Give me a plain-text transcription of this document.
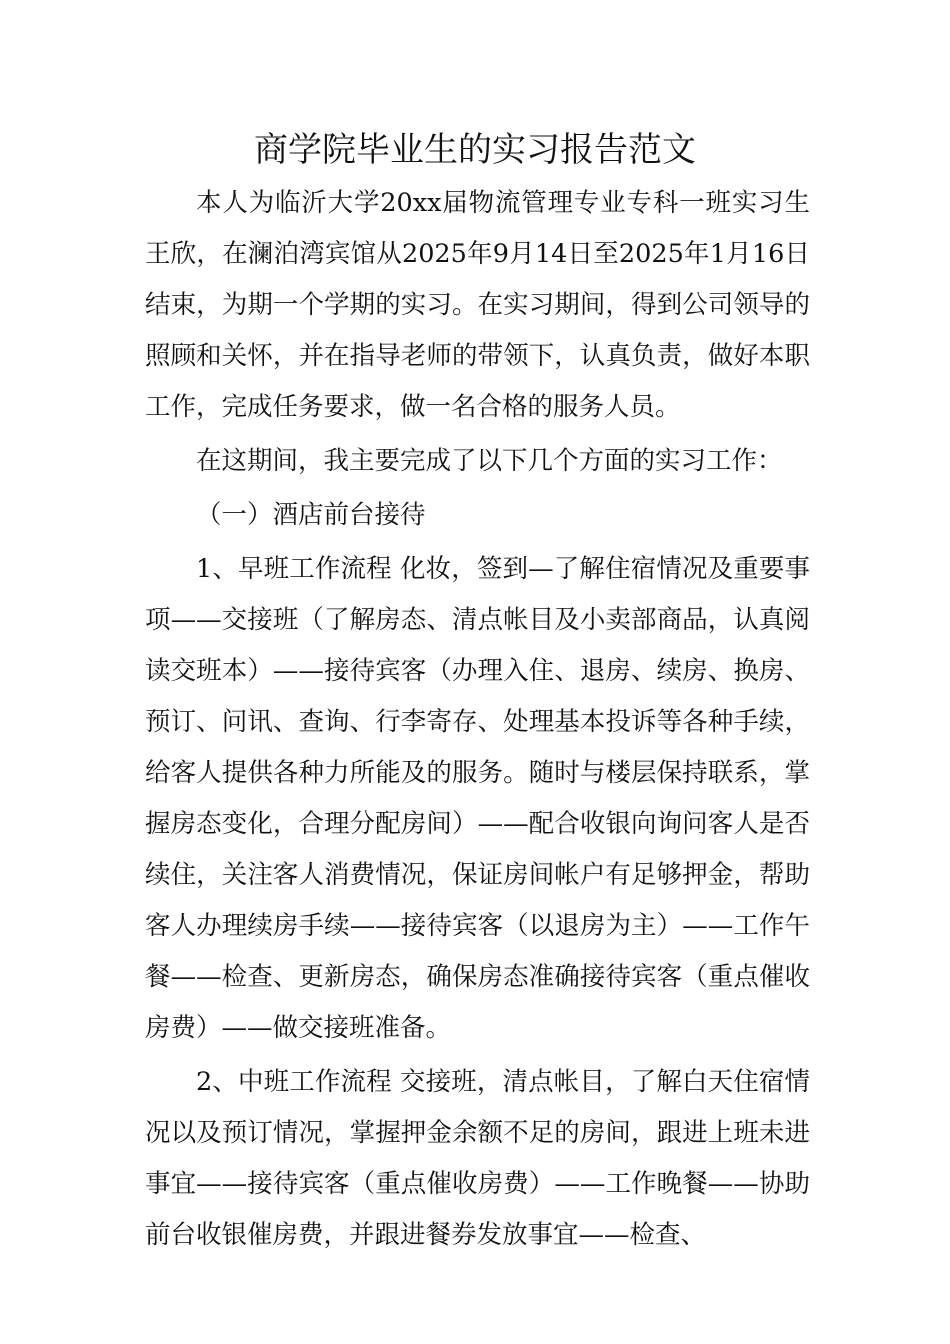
商学院毕业生的实习报告范文

本人为临沂大学20xx届物流管理专业专科一班实习生王欣，在澜泊湾宾馆从2025年9月14日至2025年1月16日结束，为期一个学期的实习。在实习期间，得到公司领导的照顾和关怀，并在指导老师的带领下，认真负责，做好本职工作，完成任务要求，做一名合格的服务人员。

在这期间，我主要完成了以下几个方面的实习工作：

（一）酒店前台接待

1、早班工作流程 化妆，签到—了解住宿情况及重要事项——交接班（了解房态、清点帐目及小卖部商品，认真阅读交班本）——接待宾客（办理入住、退房、续房、换房、预订、问讯、查询、行李寄存、处理基本投诉等各种手续，给客人提供各种力所能及的服务。随时与楼层保持联系，掌握房态变化，合理分配房间）——配合收银向询问客人是否续住，关注客人消费情况，保证房间帐户有足够押金，帮助客人办理续房手续——接待宾客（以退房为主）——工作午餐——检查、更新房态，确保房态准确接待宾客（重点催收房费）——做交接班准备。

2、中班工作流程 交接班，清点帐目，了解白天住宿情况以及预订情况，掌握押金余额不足的房间，跟进上班未进事宜——接待宾客（重点催收房费）——工作晚餐——协助前台收银催房费，并跟进餐券发放事宜——检查、
